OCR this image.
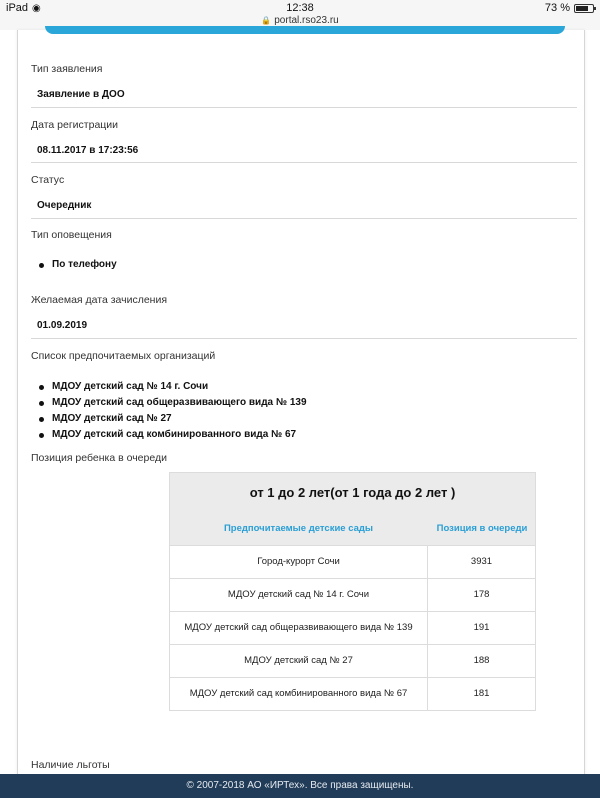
iPad ◉	12:38
🔒 portal.rso23.ru
73 %
Тип заявления
Заявление в ДОО
Дата регистрации
08.11.2017 в 17:23:56
Статус
Очередник
Тип оповещения
По телефону
Желаемая дата зачисления
01.09.2019
Список предпочитаемых организаций
МДОУ детский сад № 14 г. Сочи
МДОУ детский сад общеразвивающего вида № 139
МДОУ детский сад № 27
МДОУ детский сад комбинированного вида № 67
Позиция ребенка в очереди
от 1 до 2 лет(от 1 года до 2 лет )
Предпочитаемые детские сады	Позиция в очереди
Город-курорт Сочи	3931
МДОУ детский сад № 14 г. Сочи	178
МДОУ детский сад общеразвивающего вида № 139	191
МДОУ детский сад № 27	188
МДОУ детский сад комбинированного вида № 67	181
Наличие льготы
© 2007-2018 АО «ИРТех». Все права защищены.
